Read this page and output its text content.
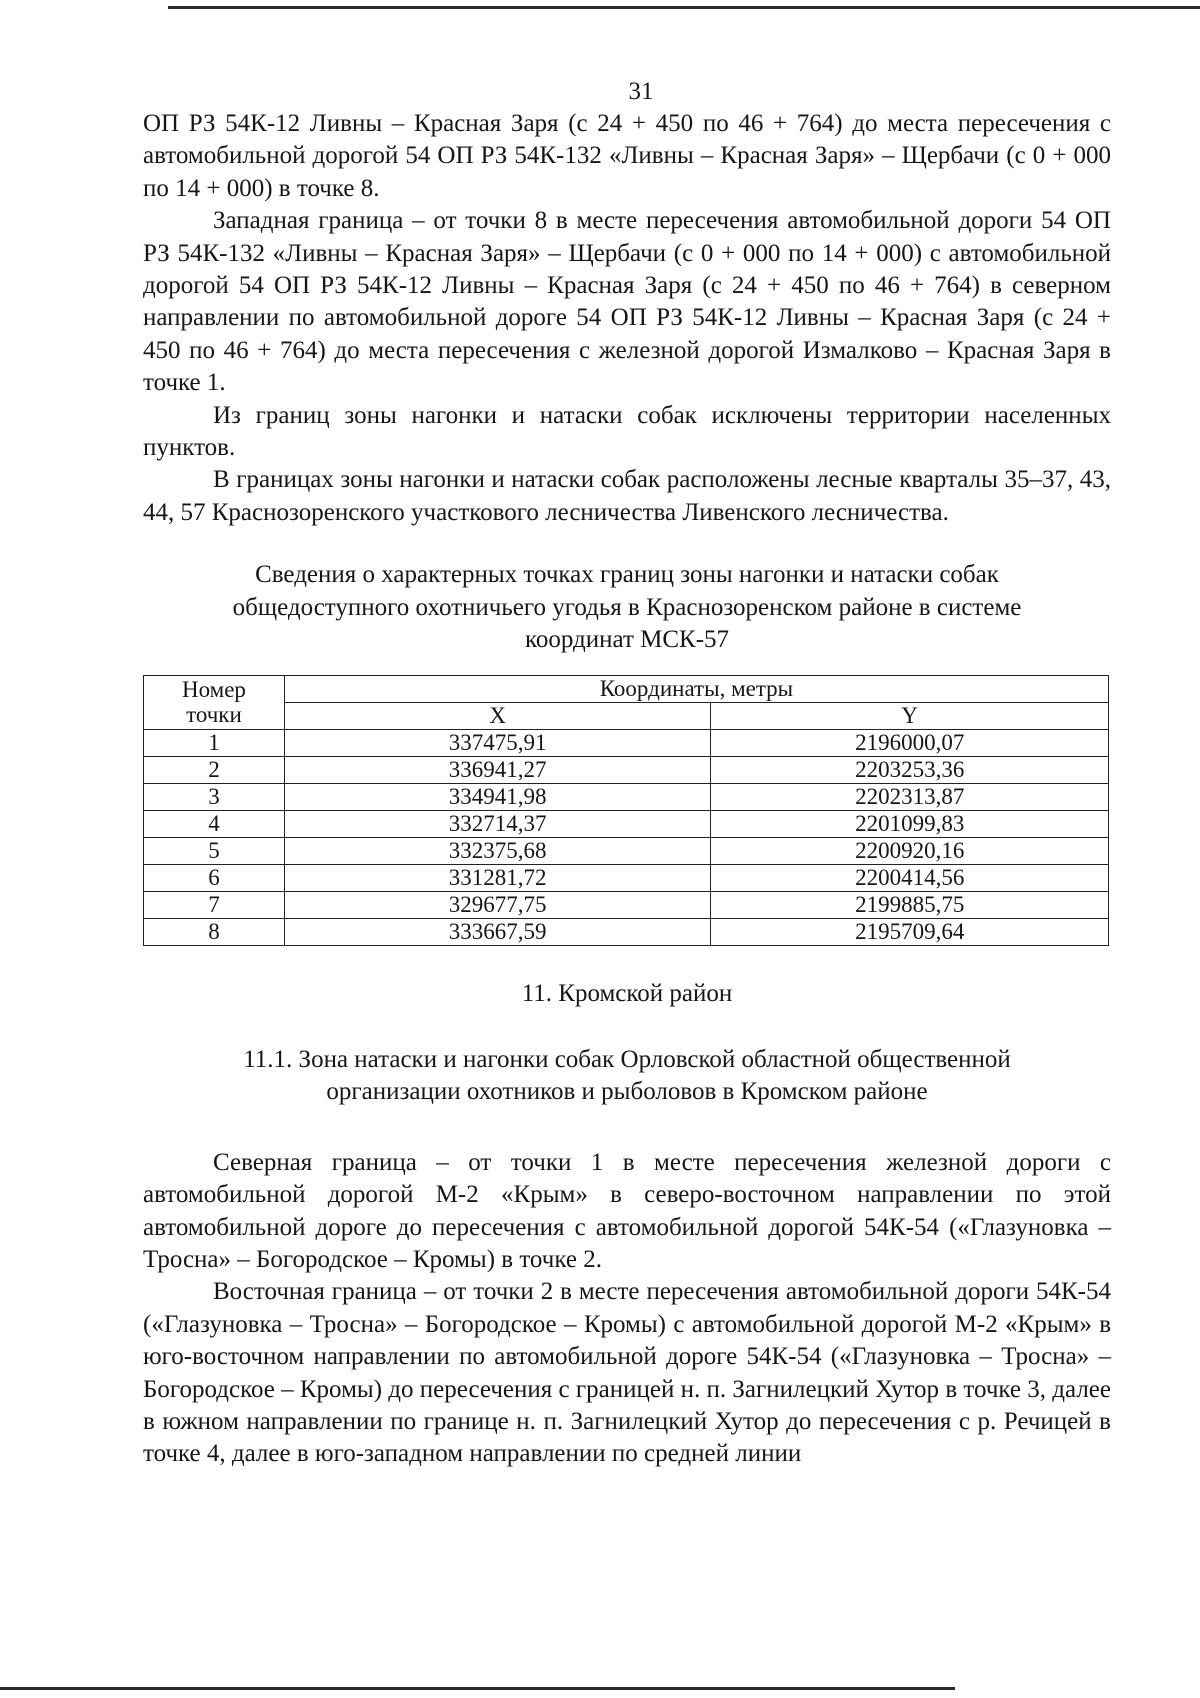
31

ОП РЗ 54К-12 Ливны – Красная Заря (с 24 + 450 по 46 + 764) до места пересечения с автомобильной дорогой 54 ОП РЗ 54К-132 «Ливны – Красная Заря» – Щербачи (с 0 + 000 по 14 + 000) в точке 8.

Западная граница – от точки 8 в месте пересечения автомобильной дороги 54 ОП РЗ 54К-132 «Ливны – Красная Заря» – Щербачи (с 0 + 000 по 14 + 000) с автомобильной дорогой 54 ОП РЗ 54К-12 Ливны – Красная Заря (с 24 + 450 по 46 + 764) в северном направлении по автомобильной дороге 54 ОП РЗ 54К-12 Ливны – Красная Заря (с 24 + 450 по 46 + 764) до места пересечения с железной дорогой Измалково – Красная Заря в точке 1.

Из границ зоны нагонки и натаски собак исключены территории населенных пунктов.

В границах зоны нагонки и натаски собак расположены лесные кварталы 35–37, 43, 44, 57 Краснозоренского участкового лесничества Ливенского лесничества.

Сведения о характерных точках границ зоны нагонки и натаски собак
общедоступного охотничьего угодья в Краснозоренском районе в системе
координат МСК-57
Номер
точки	Координаты, метры	
	X	Y
1	337475,91	2196000,07
2	336941,27	2203253,36
3	334941,98	2202313,87
4	332714,37	2201099,83
5	332375,68	2200920,16
6	331281,72	2200414,56
7	329677,75	2199885,75
8	333667,59	2195709,64
11. Кромской район
11.1. Зона натаски и нагонки собак Орловской областной общественной
организации охотников и рыболовов в Кромском районе

Северная граница – от точки 1 в месте пересечения железной дороги с автомобильной дорогой М-2 «Крым» в северо-восточном направлении по этой автомобильной дороге до пересечения с автомобильной дорогой 54К-54 («Глазуновка – Тросна» – Богородское – Кромы) в точке 2.

Восточная граница – от точки 2 в месте пересечения автомобильной дороги 54К-54 («Глазуновка – Тросна» – Богородское – Кромы) с автомобильной дорогой М-2 «Крым» в юго-восточном направлении по автомобильной дороге 54К-54 («Глазуновка – Тросна» – Богородское – Кромы) до пересечения с границей н. п. Загнилецкий Хутор в точке 3, далее в южном направлении по границе н. п. Загнилецкий Хутор до пересечения с р. Речицей в точке 4, далее в юго-западном направлении по средней линии
